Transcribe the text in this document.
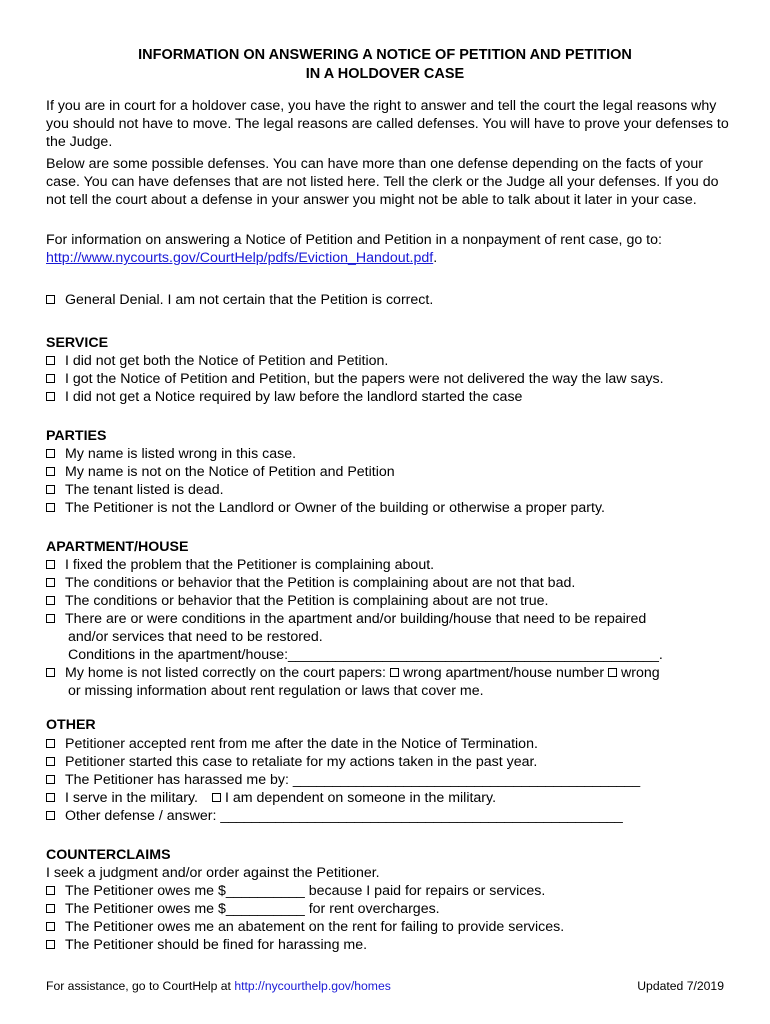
INFORMATION ON ANSWERING A NOTICE OF PETITION AND PETITION
IN A HOLDOVER CASE
If you are in court for a holdover case, you have the right to answer and tell the court the legal reasons why you should not have to move. The legal reasons are called defenses. You will have to prove your defenses to the Judge.
Below are some possible defenses. You can have more than one defense depending on the facts of your case. You can have defenses that are not listed here. Tell the clerk or the Judge all your defenses. If you do not tell the court about a defense in your answer you might not be able to talk about it later in your case.
For information on answering a Notice of Petition and Petition in a nonpayment of rent case, go to:
http://www.nycourts.gov/CourtHelp/pdfs/Eviction_Handout.pdf.
General Denial. I am not certain that the Petition is correct.
SERVICE
I did not get both the Notice of Petition and Petition.
I got the Notice of Petition and Petition, but the papers were not delivered the way the law says.
I did not get a Notice required by law before the landlord started the case
PARTIES
My name is listed wrong in this case.
My name is not on the Notice of Petition and Petition
The tenant listed is dead.
The Petitioner is not the Landlord or Owner of the building or otherwise a proper party.
APARTMENT/HOUSE
I fixed the problem that the Petitioner is complaining about.
The conditions or behavior that the Petition is complaining about are not that bad.
The conditions or behavior that the Petition is complaining about are not true.
There are or were conditions in the apartment and/or building/house that need to be repaired
and/or services that need to be restored.
Conditions in the apartment/house:_______________________________________________.
My home is not listed correctly on the court papers: wrong apartment/house number wrong
or missing information about rent regulation or laws that cover me.
OTHER
Petitioner accepted rent from me after the date in the Notice of Termination.
Petitioner started this case to retaliate for my actions taken in the past year.
The Petitioner has harassed me by: ____________________________________________
I serve in the military. I am dependent on someone in the military.
Other defense / answer: ___________________________________________________
COUNTERCLAIMS
I seek a judgment and/or order against the Petitioner.
The Petitioner owes me $__________ because I paid for repairs or services.
The Petitioner owes me $__________ for rent overcharges.
The Petitioner owes me an abatement on the rent for failing to provide services.
The Petitioner should be fined for harassing me.
For assistance, go to CourtHelp at http://nycourthelp.gov/homes	Updated 7/2019
